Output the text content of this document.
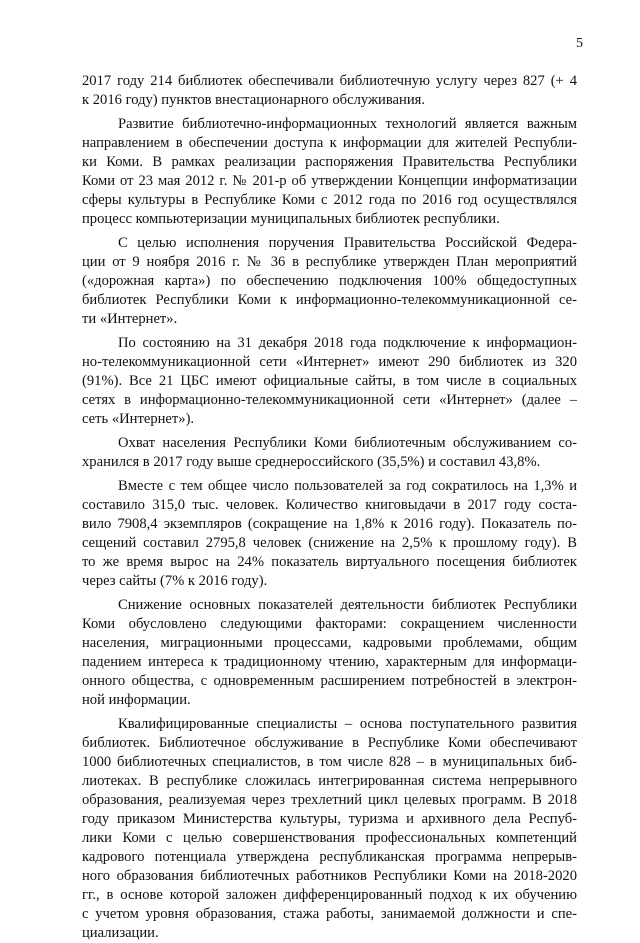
5
2017 году 214 библиотек обеспечивали библиотечную услугу через 827 (+ 4
к 2016 году) пунктов внестационарного обслуживания.
Развитие библиотечно-информационных технологий является важным
направлением в обеспечении доступа к информации для жителей Республи-
ки Коми. В рамках реализации распоряжения Правительства Республики
Коми от 23 мая 2012 г. № 201-р об утверждении Концепции информатизации
сферы культуры в Республике Коми с 2012 года по 2016 год осуществлялся
процесс компьютеризации муниципальных библиотек республики.
С целью исполнения поручения Правительства Российской Федера-
ции от 9 ноября 2016 г. № 36 в республике утвержден План мероприятий
(«дорожная карта») по обеспечению подключения 100% общедоступных
библиотек Республики Коми к информационно-телекоммуникационной се-
ти «Интернет».
По состоянию на 31 декабря 2018 года подключение к информацион-
но-телекоммуникационной сети «Интернет» имеют 290 библиотек из 320
(91%). Все 21 ЦБС имеют официальные сайты, в том числе в социальных
сетях в информационно-телекоммуникационной сети «Интернет» (далее –
сеть «Интернет»).
Охват населения Республики Коми библиотечным обслуживанием со-
хранился в 2017 году выше среднероссийского (35,5%) и составил 43,8%.
Вместе с тем общее число пользователей за год сократилось на 1,3% и
составило 315,0 тыс. человек. Количество книговыдачи в 2017 году соста-
вило 7908,4 экземпляров (сокращение на 1,8% к 2016 году). Показатель по-
сещений составил 2795,8 человек (снижение на 2,5% к прошлому году). В
то же время вырос на 24% показатель виртуального посещения библиотек
через сайты (7% к 2016 году).
Снижение основных показателей деятельности библиотек Республики
Коми обусловлено следующими факторами: сокращением численности
населения, миграционными процессами, кадровыми проблемами, общим
падением интереса к традиционному чтению, характерным для информаци-
онного общества, с одновременным расширением потребностей в электрон-
ной информации.
Квалифицированные специалисты – основа поступательного развития
библиотек. Библиотечное обслуживание в Республике Коми обеспечивают
1000 библиотечных специалистов, в том числе 828 – в муниципальных биб-
лиотеках. В республике сложилась интегрированная система непрерывного
образования, реализуемая через трехлетний цикл целевых программ. В 2018
году приказом Министерства культуры, туризма и архивного дела Респуб-
лики Коми с целью совершенствования профессиональных компетенций
кадрового потенциала утверждена республиканская программа непрерыв-
ного образования библиотечных работников Республики Коми на 2018-2020
гг., в основе которой заложен дифференцированный подход к их обучению
с учетом уровня образования, стажа работы, занимаемой должности и спе-
циализации.
